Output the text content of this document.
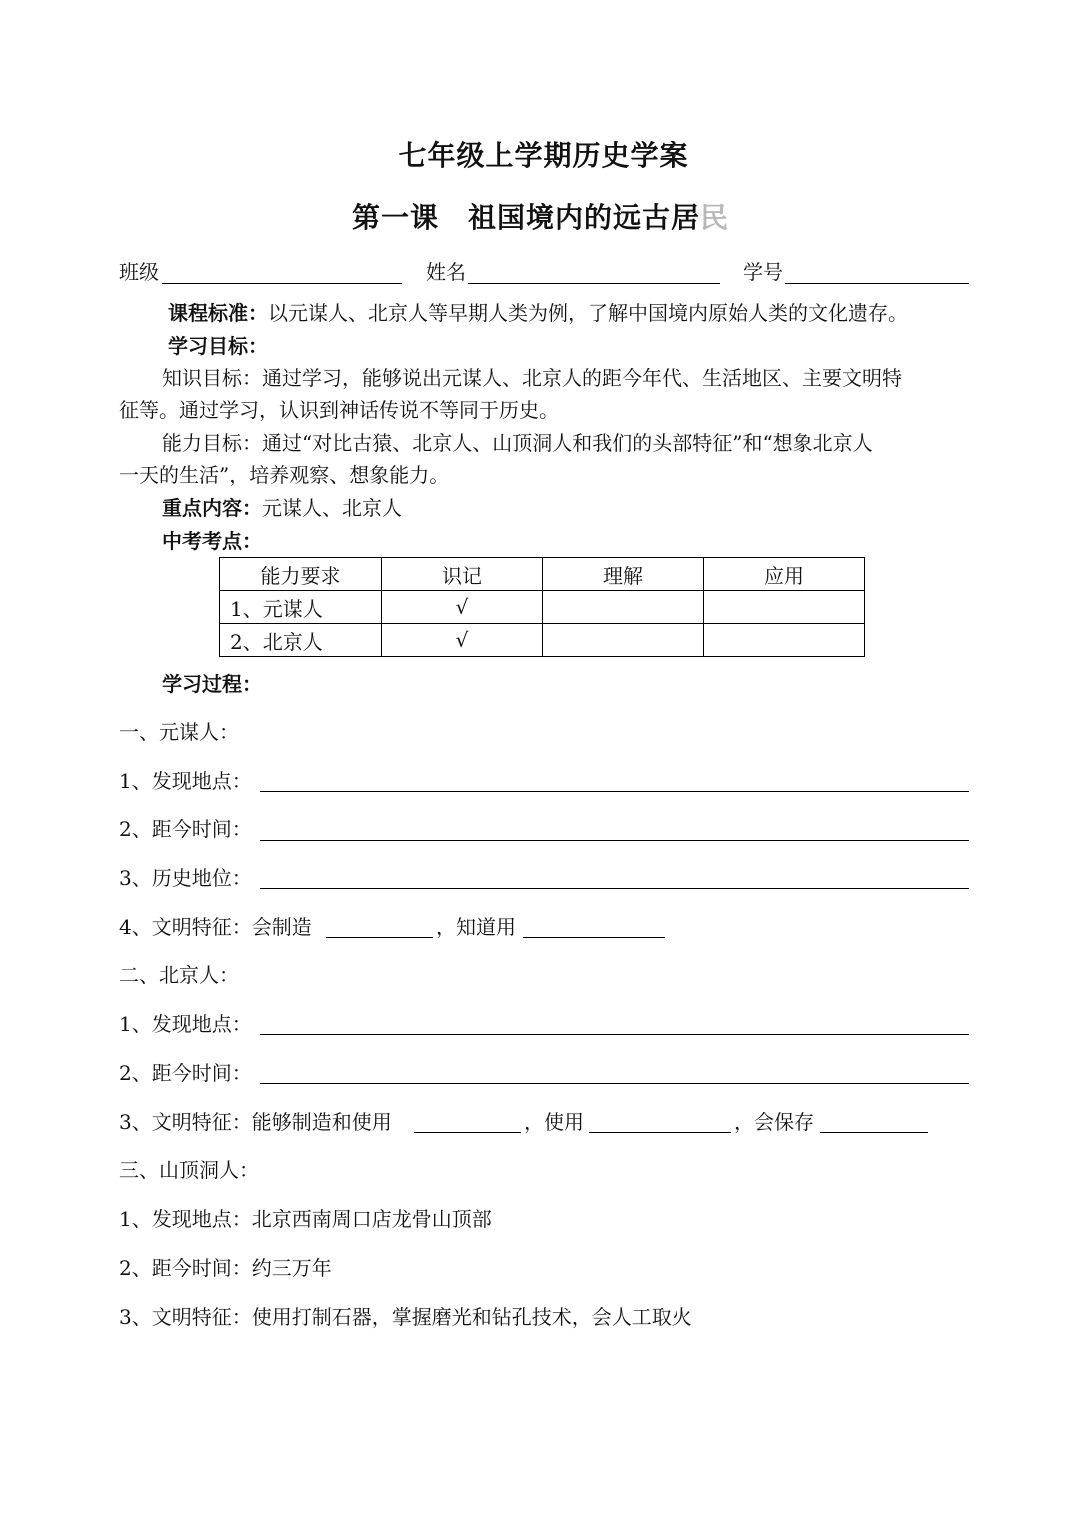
七年级上学期历史学案
第一课　祖国境内的远古居民
班级	姓名	学号
课程标准：以元谋人、北京人等早期人类为例，了解中国境内原始人类的文化遗存。
学习目标：
知识目标：通过学习，能够说出元谋人、北京人的距今年代、生活地区、主要文明特
征等。通过学习，认识到神话传说不等同于历史。
能力目标：通过“对比古猿、北京人、山顶洞人和我们的头部特征”和“想象北京人
一天的生活”，培养观察、想象能力。
重点内容：元谋人、北京人
中考考点：
能力要求	识记	理解	应用
1、元谋人	√		
2、北京人	√		
学习过程：
一、元谋人：
1、发现地点：
2、距今时间：
3、历史地位：
4、文明特征：会制造	，知道用
二、北京人：
1、发现地点：
2、距今时间：
3、文明特征：能够制造和使用	，使用	，会保存
三、山顶洞人：
1、发现地点：北京西南周口店龙骨山顶部
2、距今时间：约三万年
3、文明特征：使用打制石器，掌握磨光和钻孔技术，会人工取火
